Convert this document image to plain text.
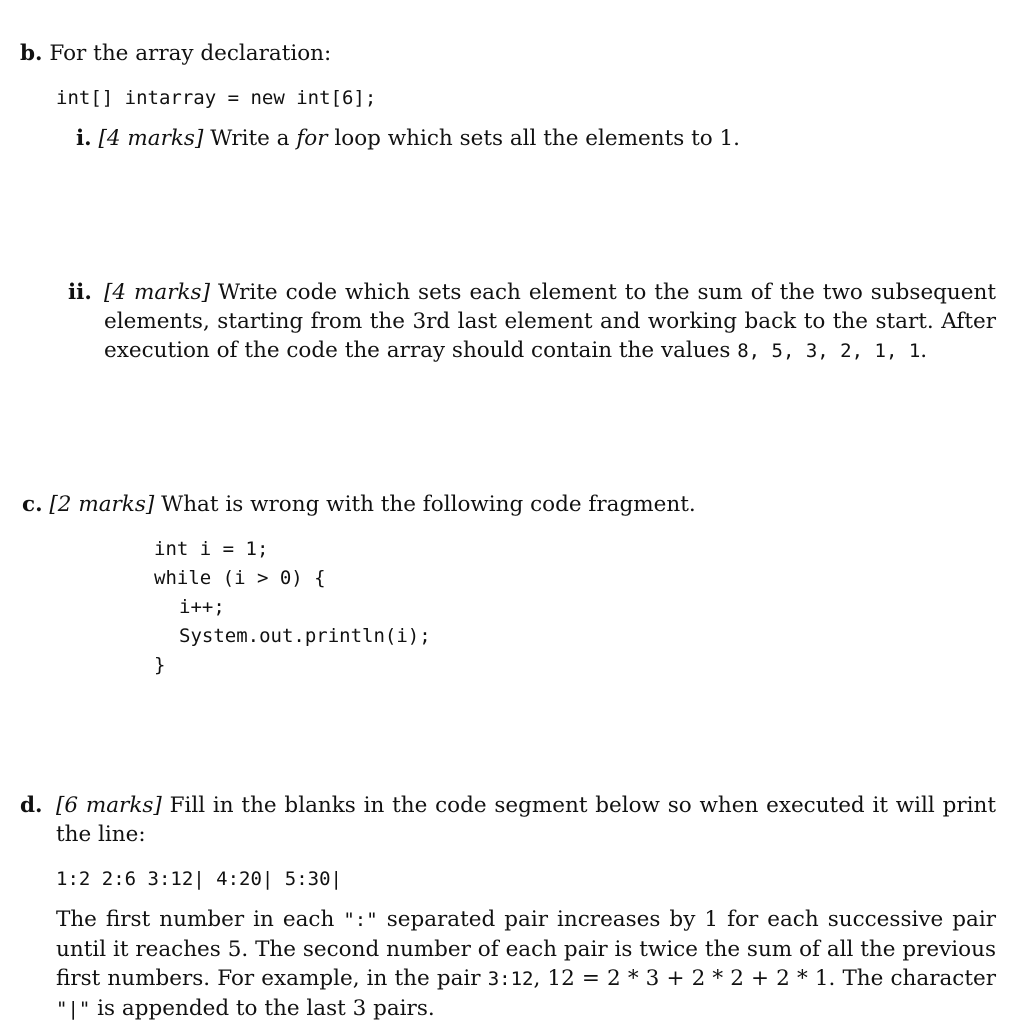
b. For the array declaration:
int[] intarray = new int[6];
i. [4 marks] Write a for loop which sets all the elements to 1.
ii. [4 marks] Write code which sets each element to the sum of the two subsequent elements, starting from the 3rd last element and working back to the start. After execution of the code the array should contain the values 8, 5, 3, 2, 1, 1.
c. [2 marks] What is wrong with the following code fragment.
int i = 1;
while (i > 0) {
i++;
System.out.println(i);
}
d. [6 marks] Fill in the blanks in the code segment below so when executed it will print the line:
1:2 2:6 3:12| 4:20| 5:30|
The first number in each ":" separated pair increases by 1 for each successive pair until it reaches 5. The second number of each pair is twice the sum of all the previous first numbers. For example, in the pair 3:12, 12 = 2 * 3 + 2 * 2 + 2 * 1. The character "|" is appended to the last 3 pairs.
